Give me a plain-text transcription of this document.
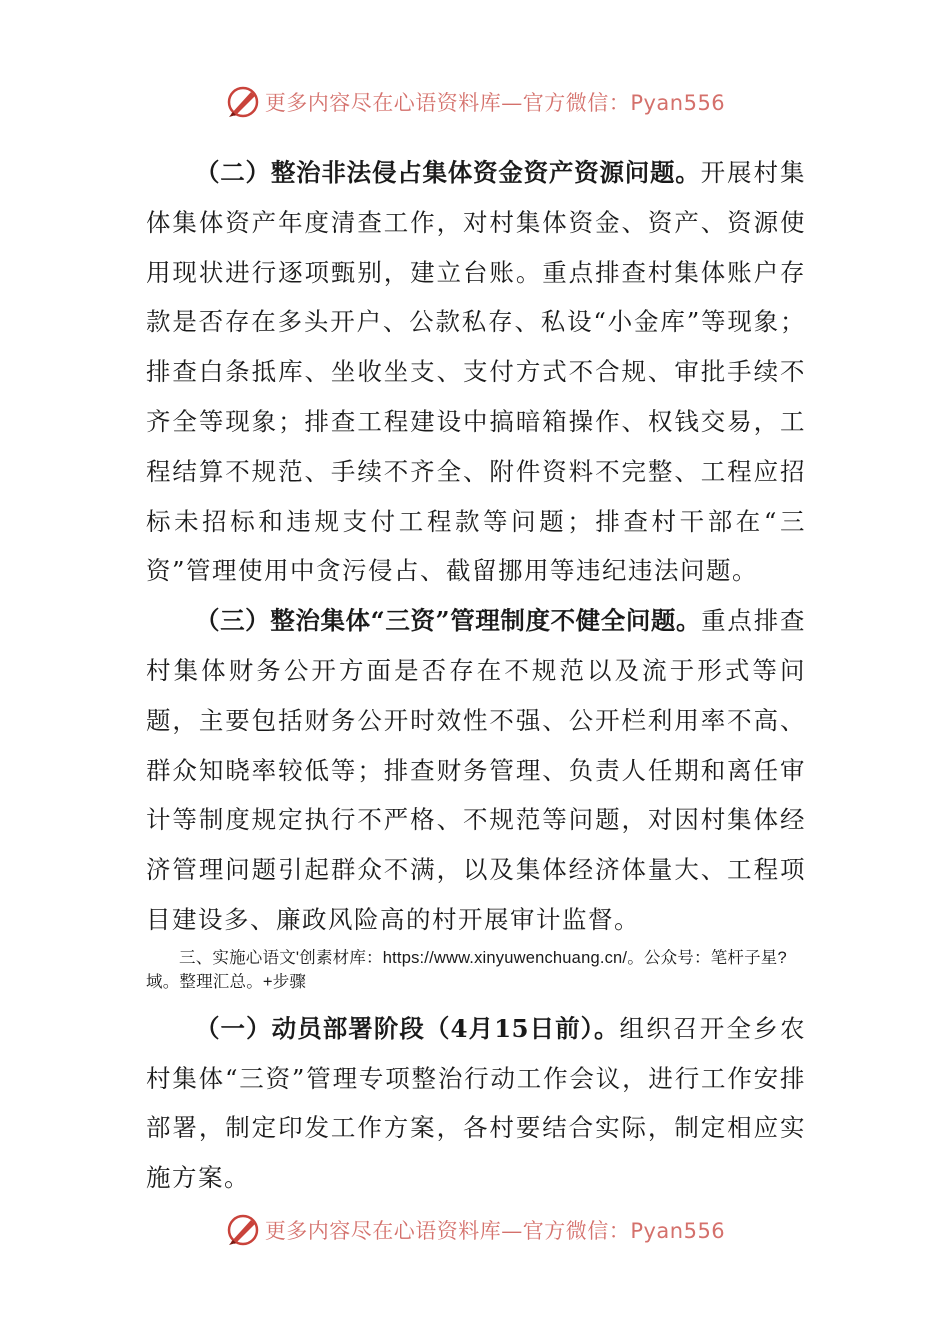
更多内容尽在心语资料库—官方微信：Pyan556

（二）整治非法侵占集体资金资产资源问题。开展村集体集体资产年度清查工作，对村集体资金、资产、资源使用现状进行逐项甄别，建立台账。重点排查村集体账户存款是否存在多头开户、公款私存、私设“小金库”等现象；排查白条抵库、坐收坐支、支付方式不合规、审批手续不齐全等现象；排查工程建设中搞暗箱操作、权钱交易，工程结算不规范、手续不齐全、附件资料不完整、工程应招标未招标和违规支付工程款等问题；排查村干部在“三资”管理使用中贪污侵占、截留挪用等违纪违法问题。

（三）整治集体“三资”管理制度不健全问题。重点排查村集体财务公开方面是否存在不规范以及流于形式等问题，主要包括财务公开时效性不强、公开栏利用率不高、群众知晓率较低等；排查财务管理、负责人任期和离任审计等制度规定执行不严格、不规范等问题，对因村集体经济管理问题引起群众不满，以及集体经济体量大、工程项目建设多、廉政风险高的村开展审计监督。

三、实施心语文'创素材库：https://www.xinyuwenchuang.cn/。公众号：笔杆子星?域。整理汇总。+步骤

（一）动员部署阶段（4月15日前）。组织召开全乡农村集体“三资”管理专项整治行动工作会议，进行工作安排部署，制定印发工作方案，各村要结合实际，制定相应实施方案。

更多内容尽在心语资料库—官方微信：Pyan556
